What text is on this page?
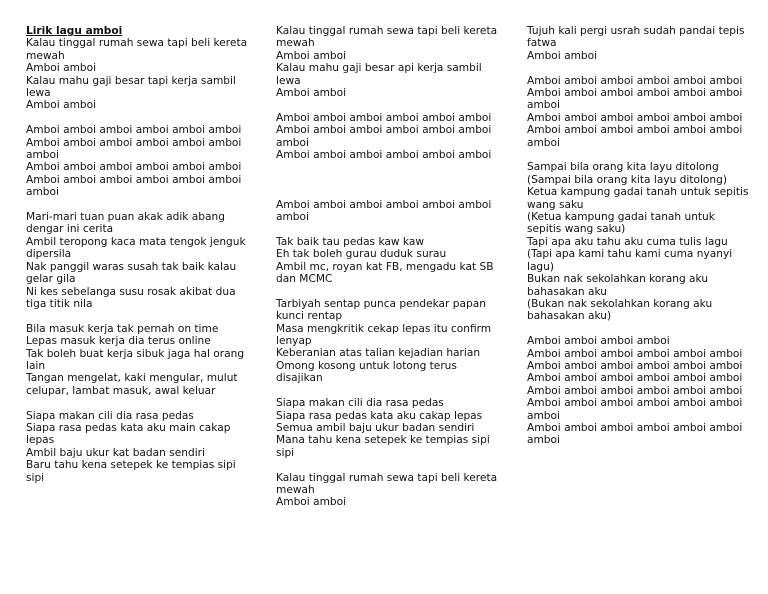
Lirik lagu amboi
Kalau tinggal rumah sewa tapi beli kereta mewah
Amboi amboi
Kalau mahu gaji besar tapi kerja sambil lewa
Amboi amboi
Amboi amboi amboi amboi amboi amboi
Amboi amboi amboi amboi amboi amboi amboi
Amboi amboi amboi amboi amboi amboi
Amboi amboi amboi amboi amboi amboi amboi
Mari-mari tuan puan akak adik abang dengar ini cerita
Ambil teropong kaca mata tengok jenguk dipersila
Nak panggil waras susah tak baik kalau gelar gila
Ni kes sebelanga susu rosak akibat dua tiga titik nila
Bila masuk kerja tak pernah on time
Lepas masuk kerja dia terus online
Tak boleh buat kerja sibuk jaga hal orang lain
Tangan mengelat, kaki mengular, mulut celupar, lambat masuk, awal keluar
Siapa makan cili dia rasa pedas
Siapa rasa pedas kata aku main cakap lepas
Ambil baju ukur kat badan sendiri
Baru tahu kena setepek ke tempias sipi sipi
Kalau tinggal rumah sewa tapi beli kereta mewah
Amboi amboi
Kalau mahu gaji besar api kerja sambil lewa
Amboi amboi
Amboi amboi amboi amboi amboi amboi
Amboi amboi amboi amboi amboi amboi amboi
Amboi amboi amboi amboi amboi amboi
Amboi amboi amboi amboi amboi amboi amboi
Tak baik tau pedas kaw kaw
Eh tak boleh gurau duduk surau
Ambil mc, royan kat FB, mengadu kat SB dan MCMC
Tarbiyah sentap punca pendekar papan kunci rentap
Masa mengkritik cekap lepas itu confirm lenyap
Keberanian atas talian kejadian harian
Omong kosong untuk lotong terus disajikan
Siapa makan cili dia rasa pedas
Siapa rasa pedas kata aku cakap lepas
Semua ambil baju ukur badan sendiri
Mana tahu kena setepek ke tempias sipi sipi
Kalau tinggal rumah sewa tapi beli kereta mewah
Amboi amboi
Tujuh kali pergi usrah sudah pandai tepis fatwa
Amboi amboi
Amboi amboi amboi amboi amboi amboi
Amboi amboi amboi amboi amboi amboi amboi
Amboi amboi amboi amboi amboi amboi
Amboi amboi amboi amboi amboi amboi amboi
Sampai bila orang kita layu ditolong
(Sampai bila orang kita layu ditolong)
Ketua kampung gadai tanah untuk sepitis wang saku
(Ketua kampung gadai tanah untuk sepitis wang saku)
Tapi apa aku tahu aku cuma tulis lagu
(Tapi apa kami tahu kami cuma nyanyi lagu)
Bukan nak sekolahkan korang aku bahasakan aku
(Bukan nak sekolahkan korang aku bahasakan aku)
Amboi amboi amboi amboi
Amboi amboi amboi amboi amboi amboi
Amboi amboi amboi amboi amboi amboi
Amboi amboi amboi amboi amboi amboi
Amboi amboi amboi amboi amboi amboi
Amboi amboi amboi amboi amboi amboi amboi
Amboi amboi amboi amboi amboi amboi amboi
